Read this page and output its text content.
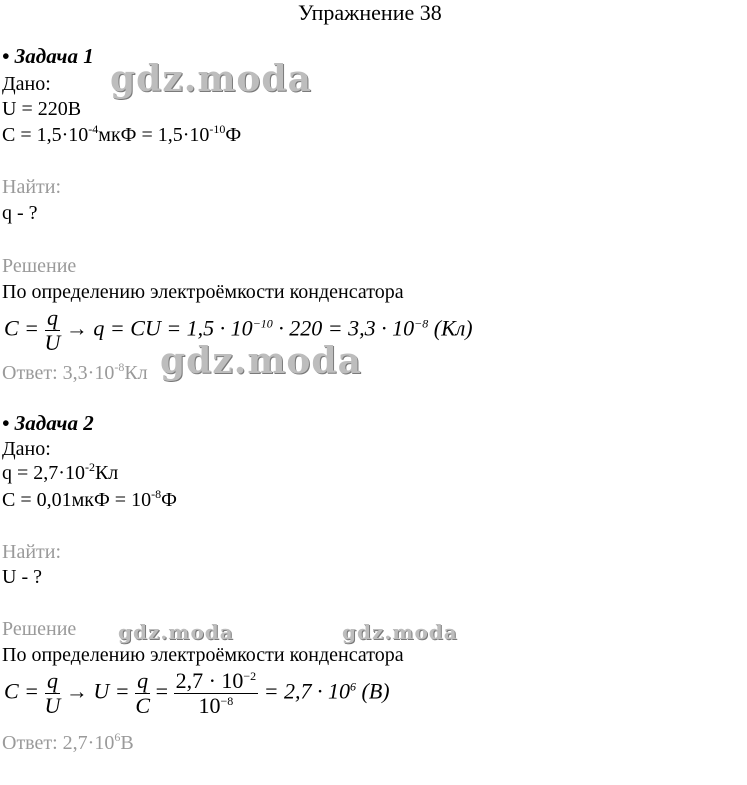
Упражнение 38
• Задача 1
Дано:
U = 220В
$C = 1,5\cdot 10^{-4}мкФ = 1,5\cdot 10^{-10}Ф$
Найти:
q - ?
Решение
По определению электроёмкости конденсатора
$C = \frac{q}{U} \to q$ = CU = $1,5 \cdot 10^{-10} \cdot 220 = 3,3 \cdot 10^{-8}$ (Кл)
Ответ: $3,3\cdot 10^{-8}Кл$
• Задача 2
Дано:
$q = 2,7\cdot 10^{-2}Кл$
$C = 0,01мкФ = 10^{-8}Ф$
Найти:
U - ?
Решение
По определению электроёмкости конденсатора
$C = \frac{q}{U} \to U = \frac{q}{C} = \frac{2,7 \cdot 10^{-2}}{10^{-8}} = 2,7 \cdot 10^6$ (В)
Ответ: $2,7\cdot 10^6В$
gdz.moda
gdz.moda
gdz.moda	gdz.moda
